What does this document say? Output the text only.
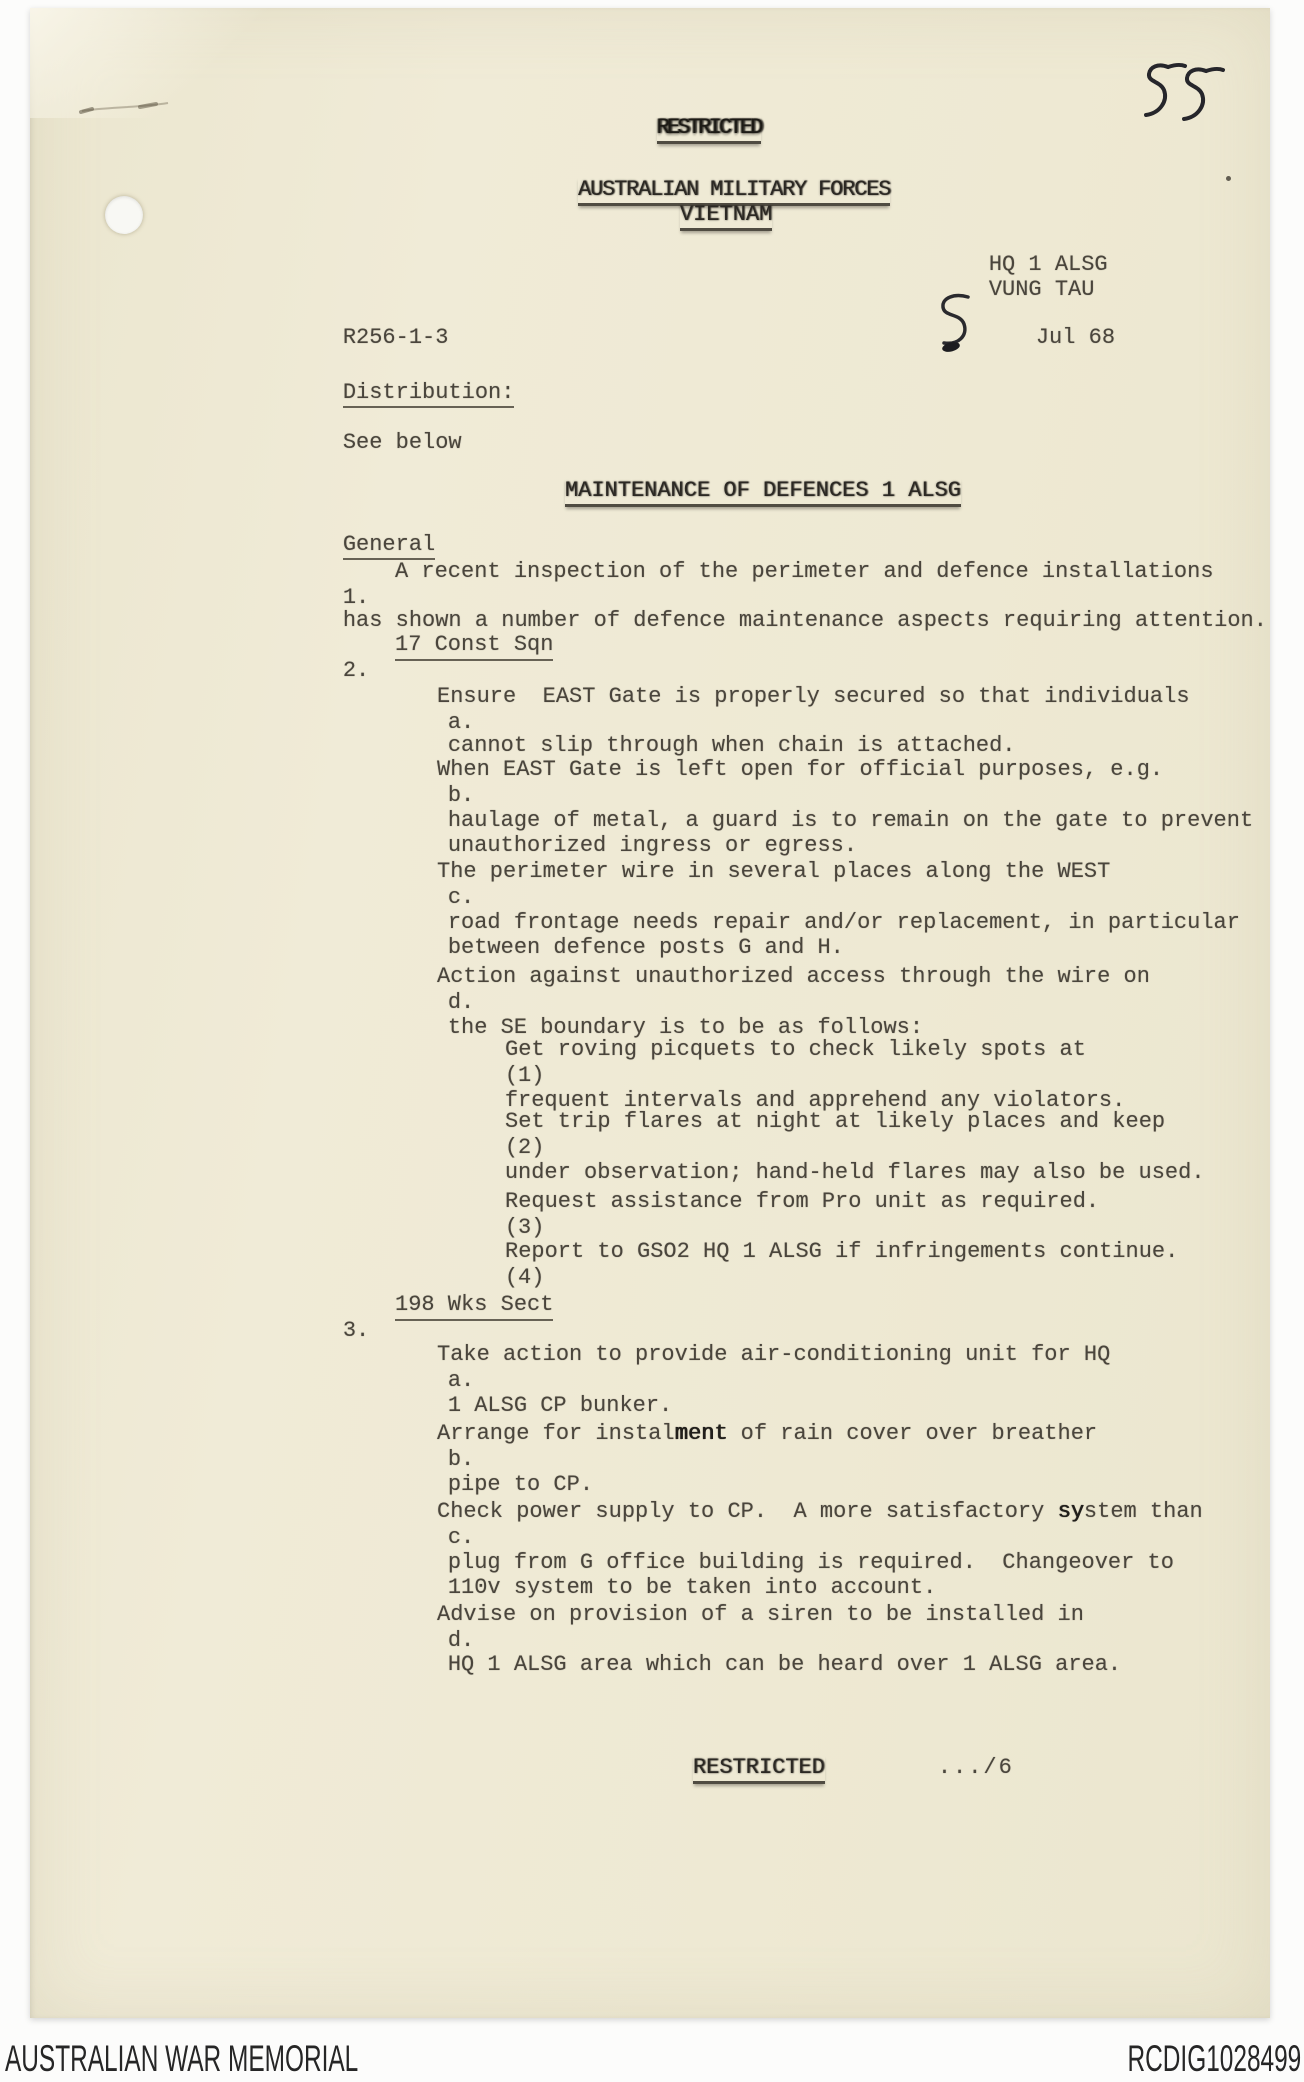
RESTRICTED

AUSTRALIAN MILITARY FORCES

VIETNAM

HQ 1 ALSG

VUNG TAU

R256-1-3
	Jul 68

Distribution:

See below

MAINTENANCE OF DEFENCES 1 ALSG

General

1.

A recent inspection of the perimeter and defence installations

has shown a number of defence maintenance aspects requiring attention.

2.

17 Const Sqn

a.

Ensure  EAST Gate is properly secured so that individuals

cannot slip through when chain is attached.

b.

When EAST Gate is left open for official purposes, e.g.

haulage of metal, a guard is to remain on the gate to prevent

unauthorized ingress or egress.

c.

The perimeter wire in several places along the WEST

road frontage needs repair and/or replacement, in particular

between defence posts G and H.

d.

Action against unauthorized access through the wire on

the SE boundary is to be as follows:

(1)

Get roving picquets to check likely spots at

frequent intervals and apprehend any violators.

(2)

Set trip flares at night at likely places and keep

under observation; hand-held flares may also be used.

(3)

Request assistance from Pro unit as required.

(4)

Report to GSO2 HQ 1 ALSG if infringements continue.

3.

198 Wks Sect

a.

Take action to provide air-conditioning unit for HQ

1 ALSG CP bunker.

b.

Arrange for instalment of rain cover over breather

pipe to CP.

c.

Check power supply to CP.  A more satisfactory system than

plug from G office building is required.  Changeover to

110v system to be taken into account.

d.

Advise on provision of a siren to be installed in

HQ 1 ALSG area which can be heard over 1 ALSG area.

RESTRICTED
	.../6

AUSTRALIAN WAR MEMORIAL	RCDIG1028499
